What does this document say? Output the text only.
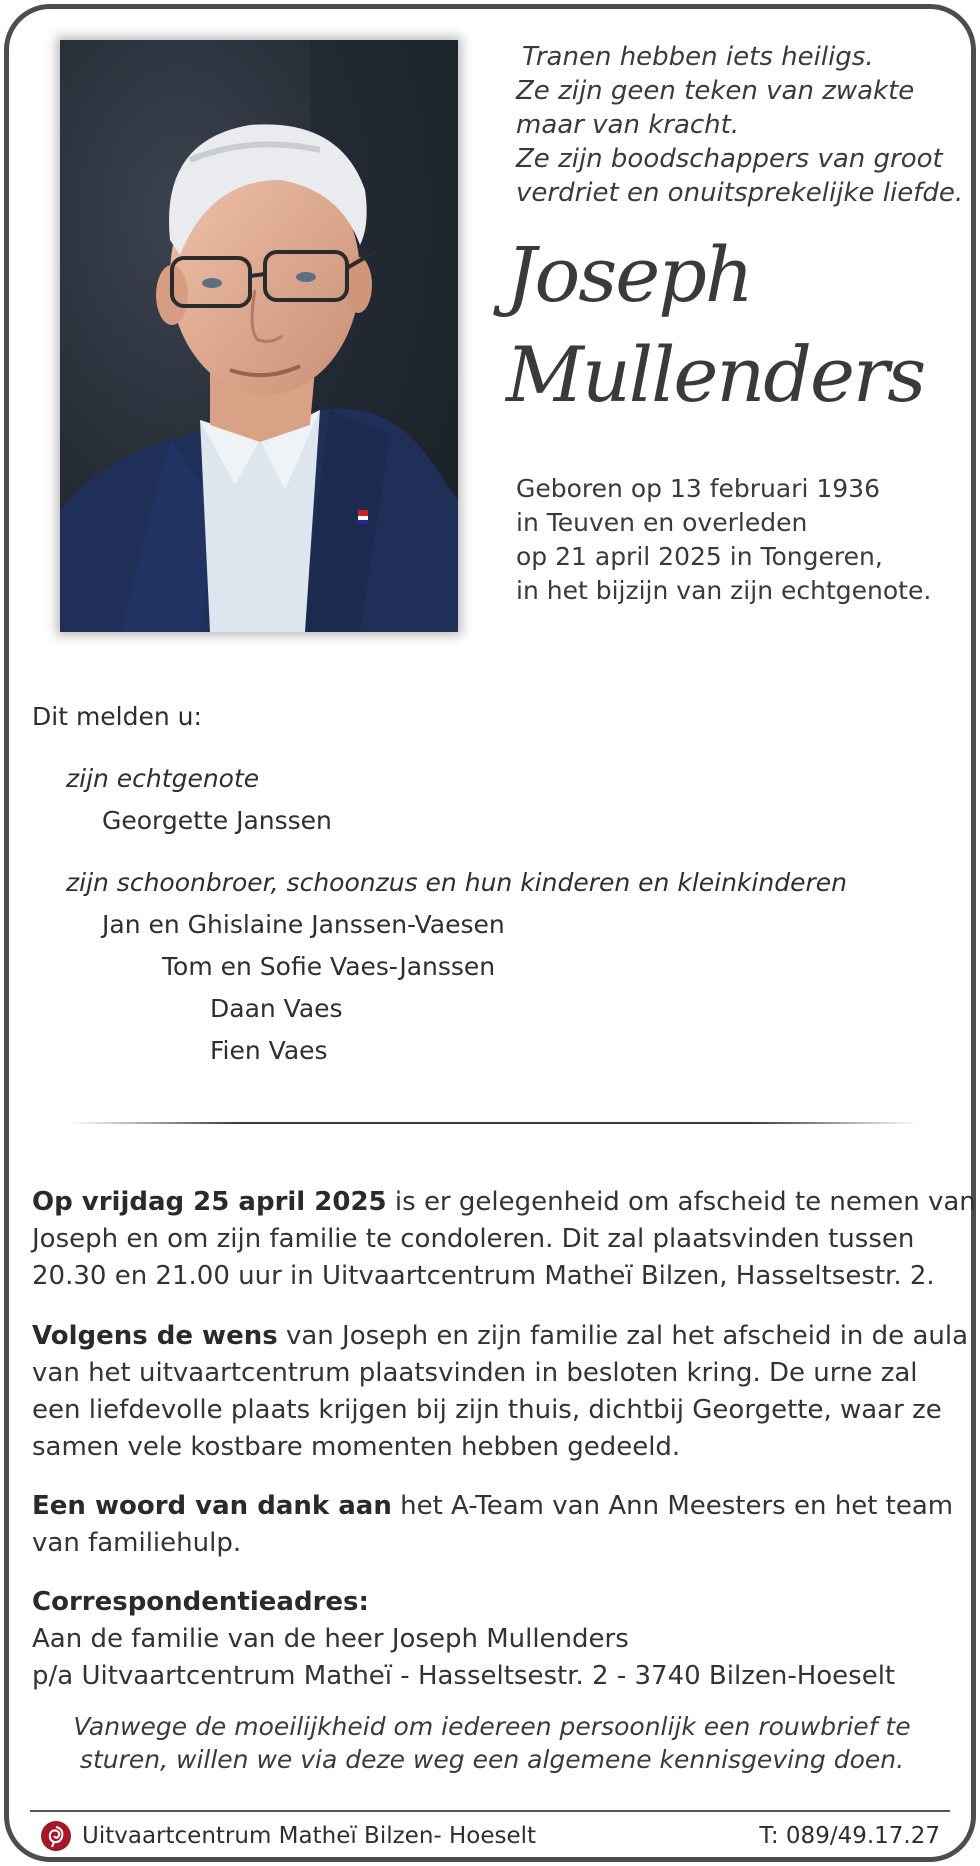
Tranen hebben iets heiligs.
Ze zijn geen teken van zwakte
maar van kracht.
Ze zijn boodschappers van groot
verdriet en onuitsprekelijke liefde.
Joseph
Mullenders
Geboren op 13 februari 1936
in Teuven en overleden
op 21 april 2025 in Tongeren,
in het bijzijn van zijn echtgenote.
Dit melden u:
zijn echtgenote
Georgette Janssen
zijn schoonbroer, schoonzus en hun kinderen en kleinkinderen
Jan en Ghislaine Janssen-Vaesen
Tom en Sofie Vaes-Janssen
Daan Vaes
Fien Vaes
Op vrijdag 25 april 2025 is er gelegenheid om afscheid te nemen van
Joseph en om zijn familie te condoleren. Dit zal plaatsvinden tussen
20.30 en 21.00 uur in Uitvaartcentrum Matheï Bilzen, Hasseltsestr. 2.
Volgens de wens van Joseph en zijn familie zal het afscheid in de aula
van het uitvaartcentrum plaatsvinden in besloten kring. De urne zal
een liefdevolle plaats krijgen bij zijn thuis, dichtbij Georgette, waar ze
samen vele kostbare momenten hebben gedeeld.
Een woord van dank aan het A-Team van Ann Meesters en het team
van familiehulp.
Correspondentieadres:
Aan de familie van de heer Joseph Mullenders
p/a Uitvaartcentrum Matheï - Hasseltsestr. 2 - 3740 Bilzen-Hoeselt
Vanwege de moeilijkheid om iedereen persoonlijk een rouwbrief te
sturen, willen we via deze weg een algemene kennisgeving doen.
Uitvaartcentrum Matheï Bilzen- Hoeselt	T: 089/49.17.27
